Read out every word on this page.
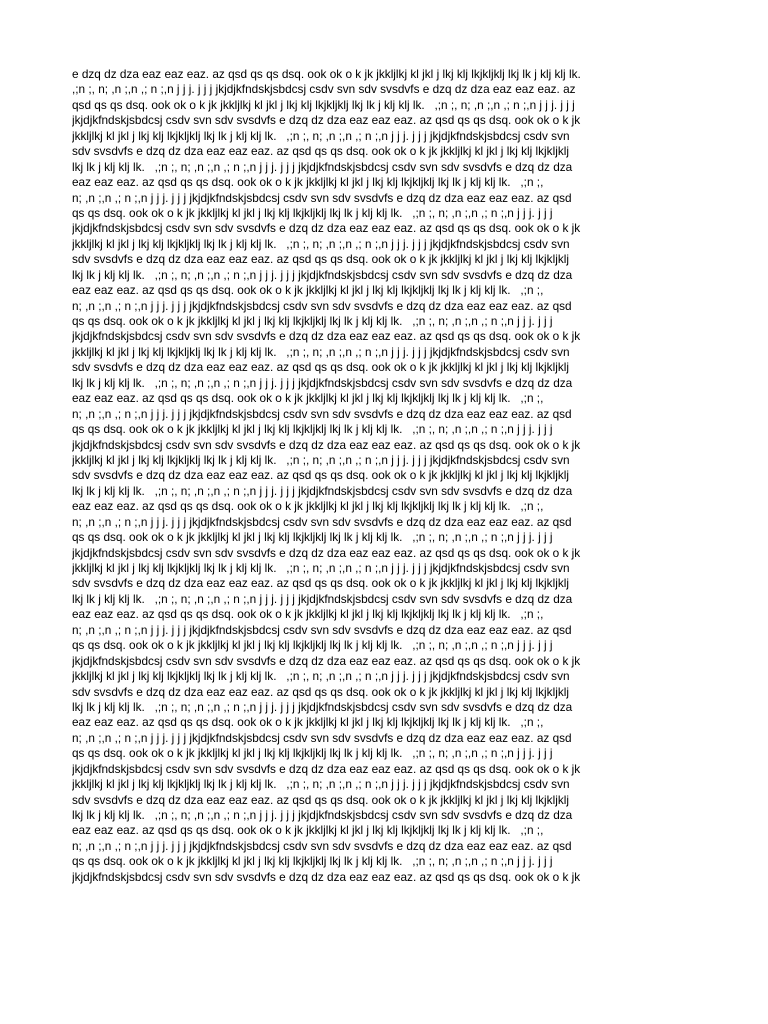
e dzq dz dza eaz eaz eaz. az qsd qs qs dsq. ook ok o k jk jkkljlkj kl jkl j lkj klj lkjkljklj lkj lk j klj klj lk.
,;n ;, n; ,n ;,n ,; n ;,n j j j. j j j jkjdjkfndskjsbdcsj csdv svn sdv svsdvfs e dzq dz dza eaz eaz eaz. az
qsd qs qs dsq. ook ok o k jk jkkljlkj kl jkl j lkj klj lkjkljklj lkj lk j klj klj lk.   ,;n ;, n; ,n ;,n ,; n ;,n j j j. j j j
jkjdjkfndskjsbdcsj csdv svn sdv svsdvfs e dzq dz dza eaz eaz eaz. az qsd qs qs dsq. ook ok o k jk
jkkljlkj kl jkl j lkj klj lkjkljklj lkj lk j klj klj lk.   ,;n ;, n; ,n ;,n ,; n ;,n j j j. j j j jkjdjkfndskjsbdcsj csdv svn
sdv svsdvfs e dzq dz dza eaz eaz eaz. az qsd qs qs dsq. ook ok o k jk jkkljlkj kl jkl j lkj klj lkjkljklj
lkj lk j klj klj lk.   ,;n ;, n; ,n ;,n ,; n ;,n j j j. j j j jkjdjkfndskjsbdcsj csdv svn sdv svsdvfs e dzq dz dza
eaz eaz eaz. az qsd qs qs dsq. ook ok o k jk jkkljlkj kl jkl j lkj klj lkjkljklj lkj lk j klj klj lk.   ,;n ;,
n; ,n ;,n ,; n ;,n j j j. j j j jkjdjkfndskjsbdcsj csdv svn sdv svsdvfs e dzq dz dza eaz eaz eaz. az qsd
qs qs dsq. ook ok o k jk jkkljlkj kl jkl j lkj klj lkjkljklj lkj lk j klj klj lk.   ,;n ;, n; ,n ;,n ,; n ;,n j j j. j j j
jkjdjkfndskjsbdcsj csdv svn sdv svsdvfs e dzq dz dza eaz eaz eaz. az qsd qs qs dsq. ook ok o k jk
jkkljlkj kl jkl j lkj klj lkjkljklj lkj lk j klj klj lk.   ,;n ;, n; ,n ;,n ,; n ;,n j j j. j j j jkjdjkfndskjsbdcsj csdv svn
sdv svsdvfs e dzq dz dza eaz eaz eaz. az qsd qs qs dsq. ook ok o k jk jkkljlkj kl jkl j lkj klj lkjkljklj
lkj lk j klj klj lk.   ,;n ;, n; ,n ;,n ,; n ;,n j j j. j j j jkjdjkfndskjsbdcsj csdv svn sdv svsdvfs e dzq dz dza
eaz eaz eaz. az qsd qs qs dsq. ook ok o k jk jkkljlkj kl jkl j lkj klj lkjkljklj lkj lk j klj klj lk.   ,;n ;,
n; ,n ;,n ,; n ;,n j j j. j j j jkjdjkfndskjsbdcsj csdv svn sdv svsdvfs e dzq dz dza eaz eaz eaz. az qsd
qs qs dsq. ook ok o k jk jkkljlkj kl jkl j lkj klj lkjkljklj lkj lk j klj klj lk.   ,;n ;, n; ,n ;,n ,; n ;,n j j j. j j j
jkjdjkfndskjsbdcsj csdv svn sdv svsdvfs e dzq dz dza eaz eaz eaz. az qsd qs qs dsq. ook ok o k jk
jkkljlkj kl jkl j lkj klj lkjkljklj lkj lk j klj klj lk.   ,;n ;, n; ,n ;,n ,; n ;,n j j j. j j j jkjdjkfndskjsbdcsj csdv svn
sdv svsdvfs e dzq dz dza eaz eaz eaz. az qsd qs qs dsq. ook ok o k jk jkkljlkj kl jkl j lkj klj lkjkljklj
lkj lk j klj klj lk.   ,;n ;, n; ,n ;,n ,; n ;,n j j j. j j j jkjdjkfndskjsbdcsj csdv svn sdv svsdvfs e dzq dz dza
eaz eaz eaz. az qsd qs qs dsq. ook ok o k jk jkkljlkj kl jkl j lkj klj lkjkljklj lkj lk j klj klj lk.   ,;n ;,
n; ,n ;,n ,; n ;,n j j j. j j j jkjdjkfndskjsbdcsj csdv svn sdv svsdvfs e dzq dz dza eaz eaz eaz. az qsd
qs qs dsq. ook ok o k jk jkkljlkj kl jkl j lkj klj lkjkljklj lkj lk j klj klj lk.   ,;n ;, n; ,n ;,n ,; n ;,n j j j. j j j
jkjdjkfndskjsbdcsj csdv svn sdv svsdvfs e dzq dz dza eaz eaz eaz. az qsd qs qs dsq. ook ok o k jk
jkkljlkj kl jkl j lkj klj lkjkljklj lkj lk j klj klj lk.   ,;n ;, n; ,n ;,n ,; n ;,n j j j. j j j jkjdjkfndskjsbdcsj csdv svn
sdv svsdvfs e dzq dz dza eaz eaz eaz. az qsd qs qs dsq. ook ok o k jk jkkljlkj kl jkl j lkj klj lkjkljklj
lkj lk j klj klj lk.   ,;n ;, n; ,n ;,n ,; n ;,n j j j. j j j jkjdjkfndskjsbdcsj csdv svn sdv svsdvfs e dzq dz dza
eaz eaz eaz. az qsd qs qs dsq. ook ok o k jk jkkljlkj kl jkl j lkj klj lkjkljklj lkj lk j klj klj lk.   ,;n ;,
n; ,n ;,n ,; n ;,n j j j. j j j jkjdjkfndskjsbdcsj csdv svn sdv svsdvfs e dzq dz dza eaz eaz eaz. az qsd
qs qs dsq. ook ok o k jk jkkljlkj kl jkl j lkj klj lkjkljklj lkj lk j klj klj lk.   ,;n ;, n; ,n ;,n ,; n ;,n j j j. j j j
jkjdjkfndskjsbdcsj csdv svn sdv svsdvfs e dzq dz dza eaz eaz eaz. az qsd qs qs dsq. ook ok o k jk
jkkljlkj kl jkl j lkj klj lkjkljklj lkj lk j klj klj lk.   ,;n ;, n; ,n ;,n ,; n ;,n j j j. j j j jkjdjkfndskjsbdcsj csdv svn
sdv svsdvfs e dzq dz dza eaz eaz eaz. az qsd qs qs dsq. ook ok o k jk jkkljlkj kl jkl j lkj klj lkjkljklj
lkj lk j klj klj lk.   ,;n ;, n; ,n ;,n ,; n ;,n j j j. j j j jkjdjkfndskjsbdcsj csdv svn sdv svsdvfs e dzq dz dza
eaz eaz eaz. az qsd qs qs dsq. ook ok o k jk jkkljlkj kl jkl j lkj klj lkjkljklj lkj lk j klj klj lk.   ,;n ;,
n; ,n ;,n ,; n ;,n j j j. j j j jkjdjkfndskjsbdcsj csdv svn sdv svsdvfs e dzq dz dza eaz eaz eaz. az qsd
qs qs dsq. ook ok o k jk jkkljlkj kl jkl j lkj klj lkjkljklj lkj lk j klj klj lk.   ,;n ;, n; ,n ;,n ,; n ;,n j j j. j j j
jkjdjkfndskjsbdcsj csdv svn sdv svsdvfs e dzq dz dza eaz eaz eaz. az qsd qs qs dsq. ook ok o k jk
jkkljlkj kl jkl j lkj klj lkjkljklj lkj lk j klj klj lk.   ,;n ;, n; ,n ;,n ,; n ;,n j j j. j j j jkjdjkfndskjsbdcsj csdv svn
sdv svsdvfs e dzq dz dza eaz eaz eaz. az qsd qs qs dsq. ook ok o k jk jkkljlkj kl jkl j lkj klj lkjkljklj
lkj lk j klj klj lk.   ,;n ;, n; ,n ;,n ,; n ;,n j j j. j j j jkjdjkfndskjsbdcsj csdv svn sdv svsdvfs e dzq dz dza
eaz eaz eaz. az qsd qs qs dsq. ook ok o k jk jkkljlkj kl jkl j lkj klj lkjkljklj lkj lk j klj klj lk.   ,;n ;,
n; ,n ;,n ,; n ;,n j j j. j j j jkjdjkfndskjsbdcsj csdv svn sdv svsdvfs e dzq dz dza eaz eaz eaz. az qsd
qs qs dsq. ook ok o k jk jkkljlkj kl jkl j lkj klj lkjkljklj lkj lk j klj klj lk.   ,;n ;, n; ,n ;,n ,; n ;,n j j j. j j j
jkjdjkfndskjsbdcsj csdv svn sdv svsdvfs e dzq dz dza eaz eaz eaz. az qsd qs qs dsq. ook ok o k jk
jkkljlkj kl jkl j lkj klj lkjkljklj lkj lk j klj klj lk.   ,;n ;, n; ,n ;,n ,; n ;,n j j j. j j j jkjdjkfndskjsbdcsj csdv svn
sdv svsdvfs e dzq dz dza eaz eaz eaz. az qsd qs qs dsq. ook ok o k jk jkkljlkj kl jkl j lkj klj lkjkljklj
lkj lk j klj klj lk.   ,;n ;, n; ,n ;,n ,; n ;,n j j j. j j j jkjdjkfndskjsbdcsj csdv svn sdv svsdvfs e dzq dz dza
eaz eaz eaz. az qsd qs qs dsq. ook ok o k jk jkkljlkj kl jkl j lkj klj lkjkljklj lkj lk j klj klj lk.   ,;n ;,
n; ,n ;,n ,; n ;,n j j j. j j j jkjdjkfndskjsbdcsj csdv svn sdv svsdvfs e dzq dz dza eaz eaz eaz. az qsd
qs qs dsq. ook ok o k jk jkkljlkj kl jkl j lkj klj lkjkljklj lkj lk j klj klj lk.   ,;n ;, n; ,n ;,n ,; n ;,n j j j. j j j
jkjdjkfndskjsbdcsj csdv svn sdv svsdvfs e dzq dz dza eaz eaz eaz. az qsd qs qs dsq. ook ok o k jk
